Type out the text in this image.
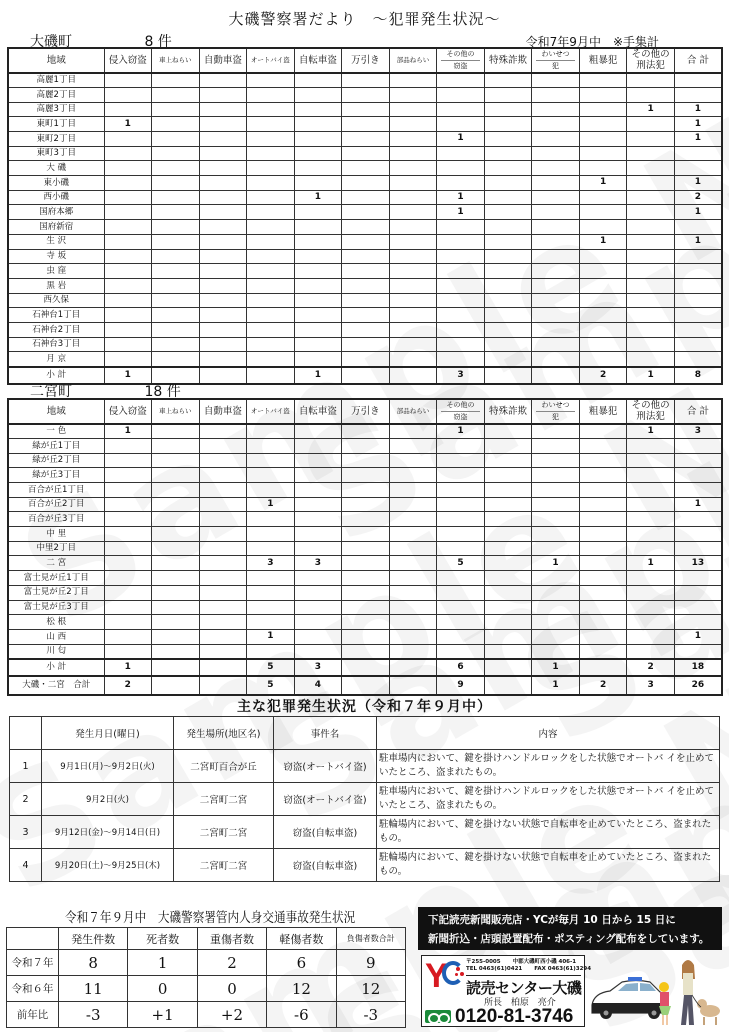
大磯警察署だより　～犯罪発生状況～
大磯町	8 件	令和7年9月中　※手集計
地域	侵入窃盗	車上ねらい	自動車盗	オートバイ盗	自転車盗	万引き	部品ねらい	その他の
窃盗	特殊詐欺	わいせつ
犯	粗暴犯	その他の刑法犯	合 計
高麗1丁目													
高麗2丁目													
高麗3丁目												1	1
東町1丁目	1												1
東町2丁目								1					1
東町3丁目													
大 磯													
東小磯											1		1
西小磯					1			1					2
国府本郷								1					1
国府新宿													
生 沢											1		1
寺 坂													
虫 窪													
黒 岩													
西久保													
石神台1丁目													
石神台2丁目													
石神台3丁目													
月 京													
小 計	1				1			3			2	1	8
二宮町	18 件
地域	侵入窃盗	車上ねらい	自動車盗	オートバイ盗	自転車盗	万引き	部品ねらい	その他の
窃盗	特殊詐欺	わいせつ
犯	粗暴犯	その他の刑法犯	合 計
一 色	1							1				1	3
緑が丘1丁目													
緑が丘2丁目													
緑が丘3丁目													
百合が丘1丁目													
百合が丘2丁目				1									1
百合が丘3丁目													
中 里													
中里2丁目													
二 宮				3	3			5		1		1	13
富士見が丘1丁目													
富士見が丘2丁目													
富士見が丘3丁目													
松 根													
山 西				1									1
川 匂													
小 計	1			5	3			6		1		2	18
大磯・二宮　合計	2			5	4			9		1	2	3	26
主な犯罪発生状況（令和７年９月中）
	発生月日(曜日)	発生場所(地区名)	事件名	内容
1	9月1日(月)～9月2日(火)	二宮町百合が丘	窃盗(オートバイ盗)	駐車場内において、鍵を掛けハンドルロックをした状態でオートバ イを止めていたところ、盗まれたもの。
2	9月2日(火)	二宮町二宮	窃盗(オートバイ盗)	駐車場内において、鍵を掛けハンドルロックをした状態でオートバ イを止めていたところ、盗まれたもの。
3	9月12日(金)～9月14日(日)	二宮町二宮	窃盗(自転車盗)	駐輪場内において、鍵を掛けない状態で自転車を止めていたところ、盗まれたもの。
4	9月20日(土)～9月25日(木)	二宮町二宮	窃盗(自転車盗)	駐輪場内において、鍵を掛けない状態で自転車を止めていたところ、盗まれたもの。
令和７年９月中　大磯警察署管内人身交通事故発生状況
	発生件数	死者数	重傷者数	軽傷者数	負傷者数合計
令和７年	8	1	2	6	9
令和６年	11	0	0	12	12
前年比	-3	+1	+2	-6	-3
下記読売新聞販売店・YCが毎月 10 日から 15 日に
新聞折込・店頭設置配布・ポスティング配布をしています。
Y	〒255-0005 中郡大磯町西小磯 406-1
TEL 0463(61)0421 FAX 0463(61)3294
読売センター大磯
所長 柏原 亮介
0120-81-3746
